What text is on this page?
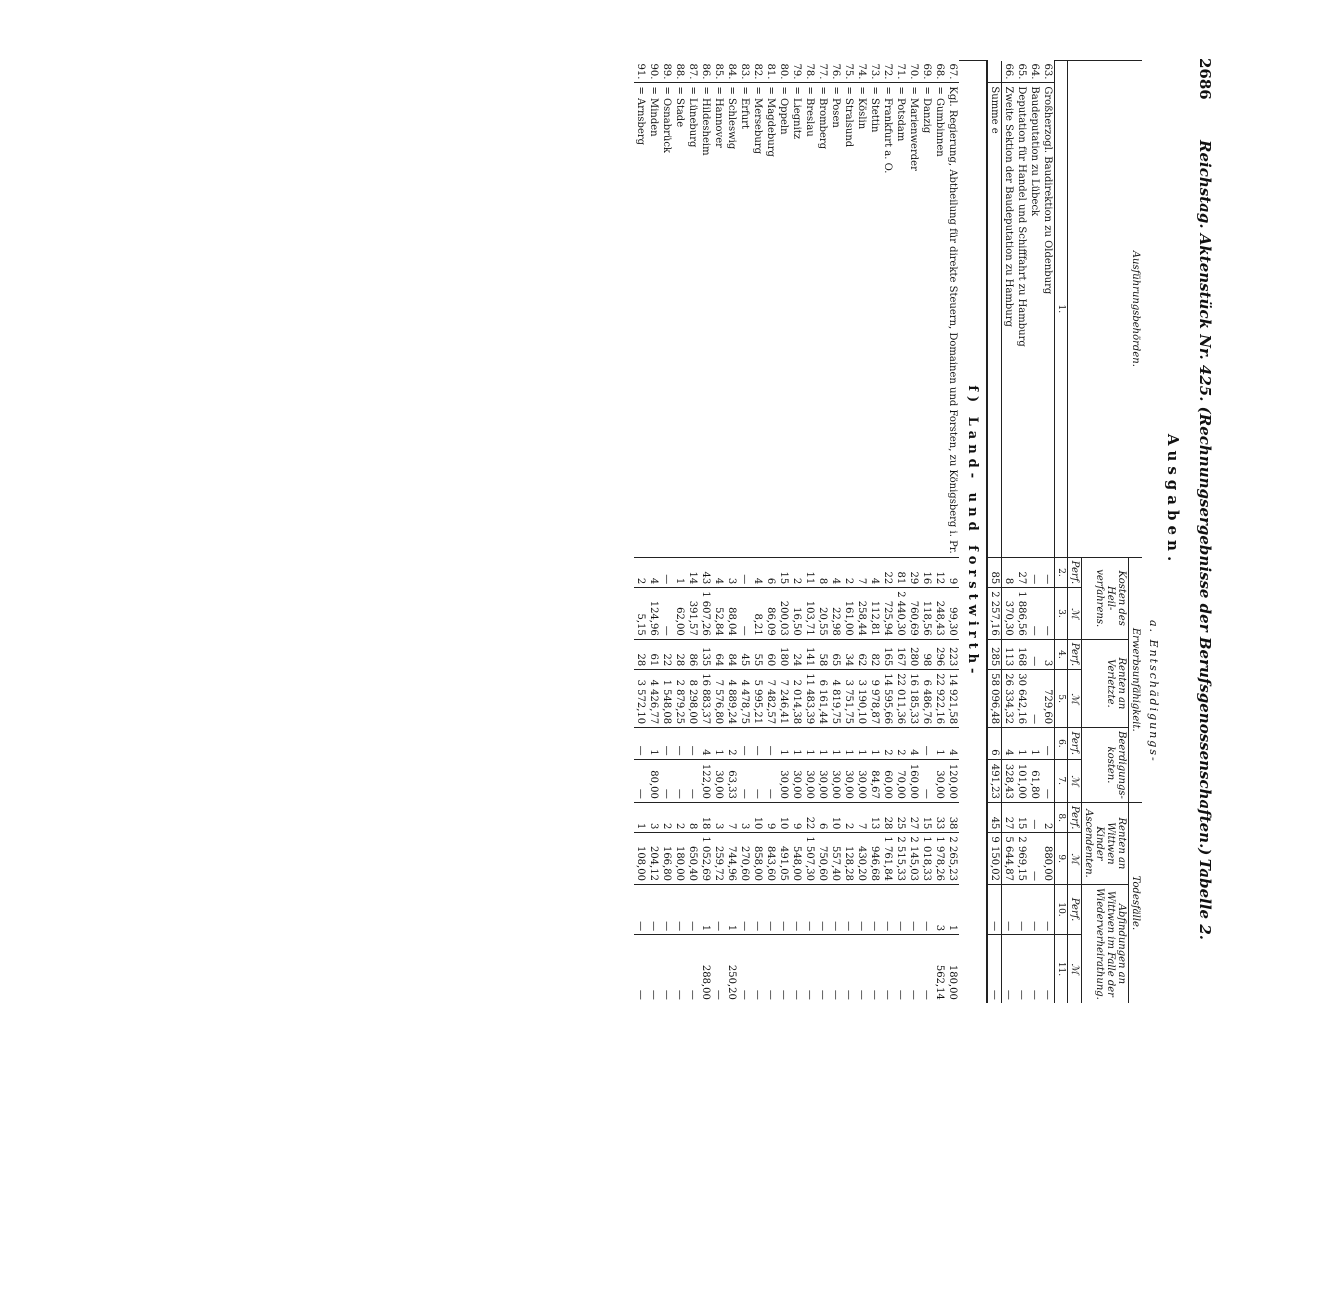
2686
Reichstag. Aktenstück Nr. 425. (Rechnungsergebnisse der Berufsgenossenschaften.)
Tabelle 2.
Ausgaben.
a. Entschädigungs-
Ausführungsbehörden.		Erwerbsunfähigkeit.						Todesfälle.			
		Kosten des Heil-verfahrens.		Renten an Verletzte.		Beerdigungs-kosten.		Renten an Wittwen Kinder Ascendenten.		Abfindungen an Wittwen im Falle der Wiederverheirathung.	
		Perf.	ℳ	Perf.	ℳ	Perf.	ℳ	Perf.	ℳ	Perf.	ℳ
1.		2.	3.	4.	5.	6.	7.	8.	9.	10.	11.
63.	Großherzogl. Baudirektion zu Oldenburg	—	—	3	729,60	—	—	2	880,00	—	—
64.	Baudeputation zu Lübeck	—	—	—	—	1	61,80	—	—	—	—
65.	Deputation für Handel und Schifffahrt zu Hamburg	27	1 886,56	168	30 642,16	1	101,00	15	2 969,15	—	—
66.	Zweite Sektion der Baudeputation zu Hamburg	8	370,30	113	26 334,32	4	328,43	27	5 644,87	—	—
	Summe e	85	2 257,16	285	58 096,48	6	491,23	45	9 150,02	—	—
f) Land- und forstwirth-											
67.	Kgl. Regierung, Abtheilung für direkte Steuern, Domainen und Forsten, zu Königsberg i. Pr.	9	99,30	223	14 921,58	4	120,00	38	2 265,23	1	180,00
68.	= Gumbinnen	12	248,43	296	22 922,16	1	30,00	33	1 978,26	3	562,14
69.	= Danzig	16	118,56	98	6 486,76	—	—	15	1 018,33	—	—
70.	= Marienwerder	29	760,69	280	16 185,33	4	160,00	27	2 145,03	—	—
71.	= Potsdam	81	2 440,30	167	22 011,36	2	70,00	25	2 515,33	—	—
72.	= Frankfurt a. O.	22	725,94	165	14 595,66	2	60,00	28	1 761,84	—	—
73.	= Stettin	4	112,81	82	9 978,87	1	84,67	13	946,68	—	—
74.	= Köslin	7	258,44	62	3 190,10	1	30,00	7	430,20	—	—
75.	= Stralsund	2	161,00	34	3 751,75	1	30,00	2	128,28	—	—
76.	= Posen	4	22,98	65	4 819,75	1	30,00	10	557,40	—	—
77.	= Bromberg	8	20,55	58	6 161,44	1	30,00	6	750,60	—	—
78.	= Breslau	11	103,71	141	11 483,39	1	30,00	22	1 507,30	—	—
79.	= Liegnitz	2	16,50	24	2 014,38	1	30,00	9	548,00	—	—
80.	= Oppeln	15	200,03	180	7 246,41	1	30,00	10	491,05	—	—
81.	= Magdeburg	6	86,09	60	7 482,57	—	—	9	843,60	—	—
82.	= Merseburg	4	8,21	55	5 995,21	—	—	10	858,00	—	—
83.	= Erfurt	—	—	45	4 478,75	—	—	3	270,60	—	—
84.	= Schleswig	3	88,04	84	4 889,24	2	63,33	7	744,96	1	250,20
85.	= Hannover	4	52,84	64	7 576,80	1	30,00	3	259,72	—	—
86.	= Hildesheim	43	1 607,26	135	16 883,37	4	122,00	18	1 052,69	1	288,00
87.	= Lüneburg	14	391,57	86	8 298,00	—	—	8	650,40	—	—
88.	= Stade	1	62,00	28	2 879,25	—	—	2	180,00	—	—
89.	= Osnabrück	—	—	22	1 548,08	—	—	2	166,80	—	—
90.	= Minden	4	124,96	61	4 426,77	1	80,00	3	204,12	—	—
91.	= Arnsberg	2	5,15	28	3 572,10	—	—	1	108,00	—	—
